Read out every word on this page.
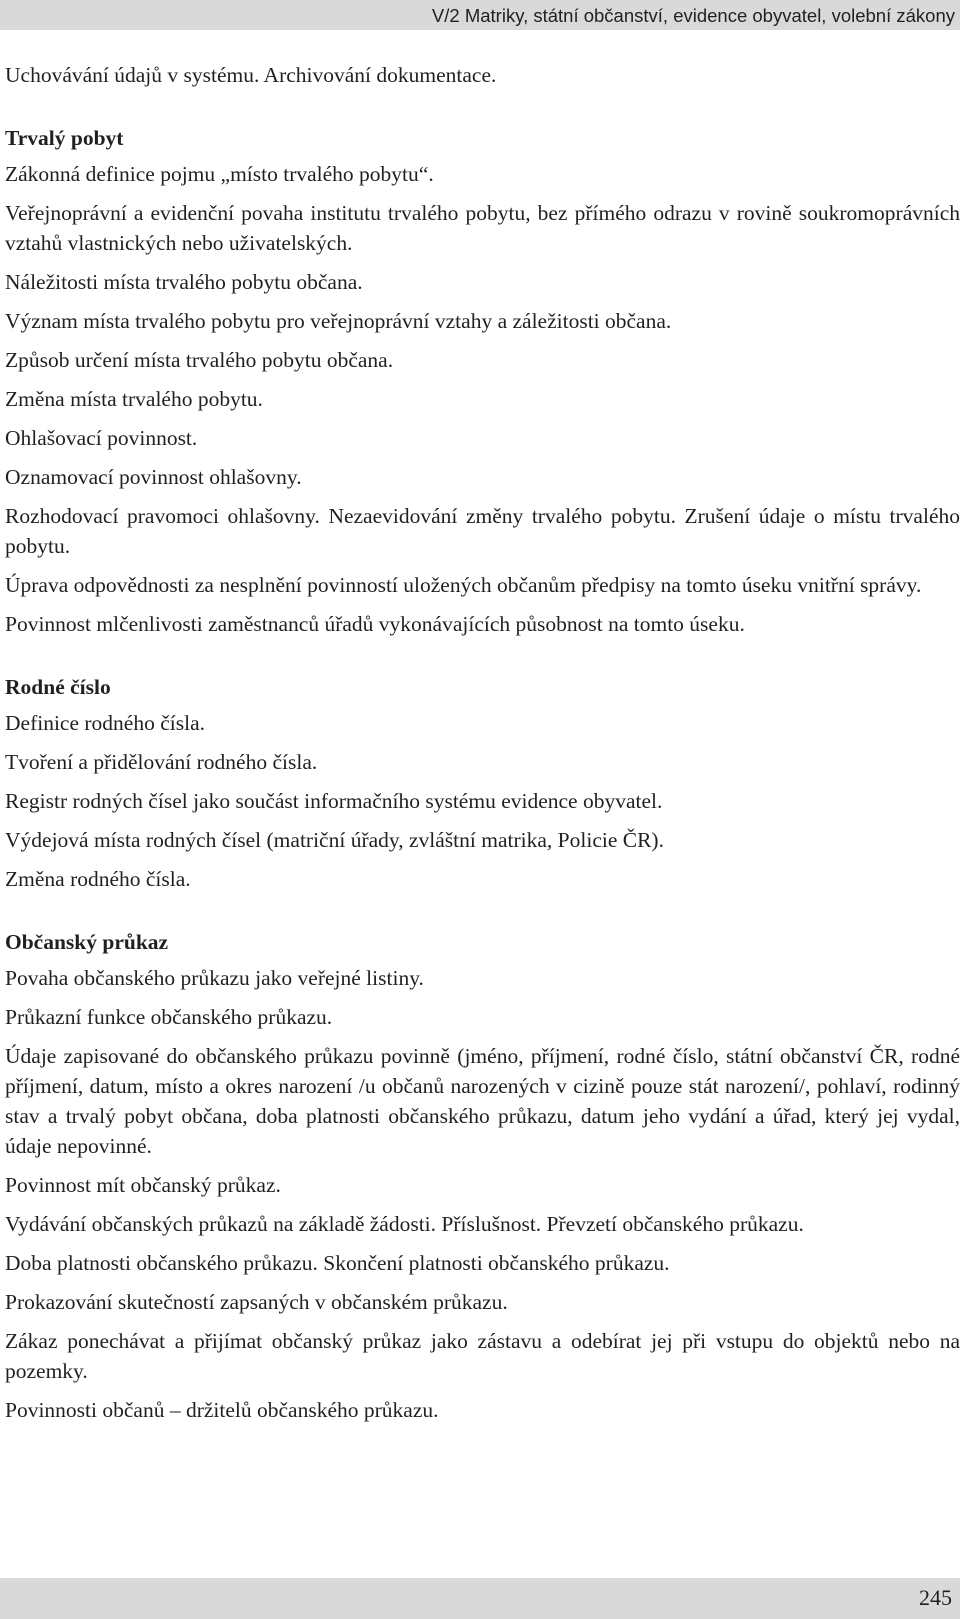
V/2 Matriky, státní občanství, evidence obyvatel, volební zákony

Uchovávání údajů v systému. Archivování dokumentace.

Trvalý pobyt

Zákonná definice pojmu „místo trvalého pobytu“.

Veřejnoprávní a evidenční povaha institutu trvalého pobytu, bez přímého odrazu v rovině soukromoprávních vztahů vlastnických nebo uživatelských.

Náležitosti místa trvalého pobytu občana.

Význam místa trvalého pobytu pro veřejnoprávní vztahy a záležitosti občana.

Způsob určení místa trvalého pobytu občana.

Změna místa trvalého pobytu.

Ohlašovací povinnost.

Oznamovací povinnost ohlašovny.

Rozhodovací pravomoci ohlašovny. Nezaevidování změny trvalého pobytu. Zrušení údaje o místu trvalého pobytu.

Úprava odpovědnosti za nesplnění povinností uložených občanům předpisy na tomto úseku vnitřní správy.

Povinnost mlčenlivosti zaměstnanců úřadů vykonávajících působnost na tomto úseku.

Rodné číslo

Definice rodného čísla.

Tvoření a přidělování rodného čísla.

Registr rodných čísel jako součást informačního systému evidence obyvatel.

Výdejová místa rodných čísel (matriční úřady, zvláštní matrika, Policie ČR).

Změna rodného čísla.

Občanský průkaz

Povaha občanského průkazu jako veřejné listiny.

Průkazní funkce občanského průkazu.

Údaje zapisované do občanského průkazu povinně (jméno, příjmení, rodné číslo, státní občanství ČR, rodné příjmení, datum, místo a okres narození /u občanů narozených v cizině pouze stát narození/, pohlaví, rodinný stav a trvalý pobyt občana, doba platnosti občanského průkazu, datum jeho vydání a úřad, který jej vydal, údaje nepovinné.

Povinnost mít občanský průkaz.

Vydávání občanských průkazů na základě žádosti. Příslušnost. Převzetí občanského průkazu.

Doba platnosti občanského průkazu. Skončení platnosti občanského průkazu.

Prokazování skutečností zapsaných v občanském průkazu.

Zákaz ponechávat a přijímat občanský průkaz jako zástavu a odebírat jej při vstupu do objektů nebo na pozemky.

Povinnosti občanů – držitelů občanského průkazu.

245
